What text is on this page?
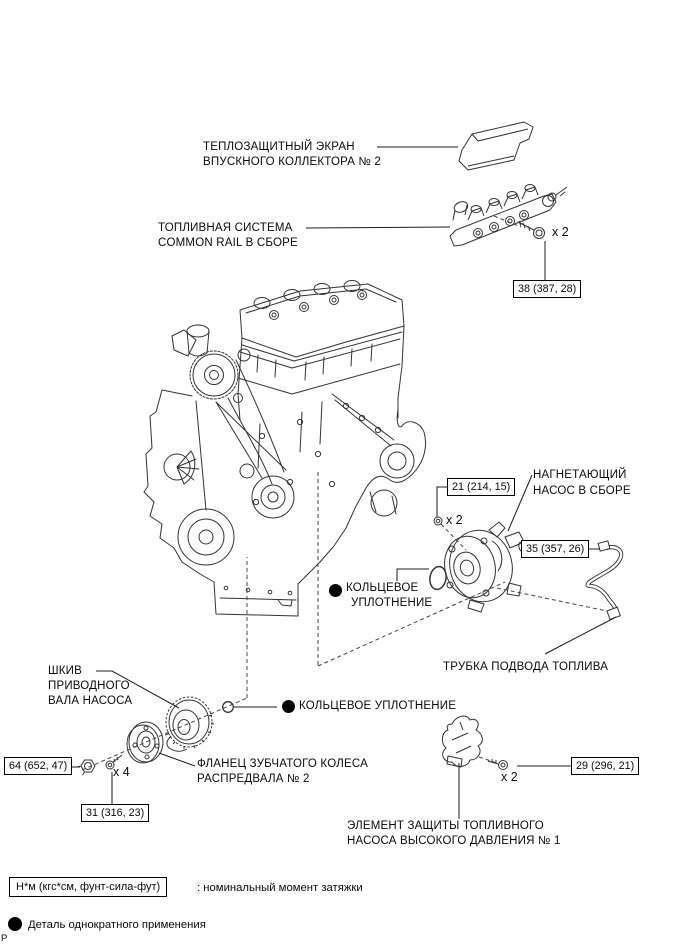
ТЕПЛОЗАЩИТНЫЙ ЭКРАН
ВПУСКНОГО КОЛЛЕКТОРА № 2
ТОПЛИВНАЯ СИСТЕМА
COMMON RAIL В СБОРЕ
38 (387, 28)
x 2
21 (214, 15)
x 2
НАГНЕТАЮЩИЙ
НАСОС В СБОРЕ
35 (357, 26)
КОЛЬЦЕВОЕ
УПЛОТНЕНИЕ
ТРУБКА ПОДВОДА ТОПЛИВА
ШКИВ
ПРИВОДНОГО
ВАЛА НАСОСА	КОЛЬЦЕВОЕ УПЛОТНЕНИЕ
64 (652, 47)	x 4
31 (316, 23)
ФЛАНЕЦ ЗУБЧАТОГО КОЛЕСА
РАСПРЕДВАЛА № 2	x 2
29 (296, 21)
ЭЛЕМЕНТ ЗАЩИТЫ ТОПЛИВНОГО
НАСОСА ВЫСОКОГО ДАВЛЕНИЯ № 1
Н*м (кгс*см, фунт-сила-фут)	: номинальный момент затяжки
Деталь однократного применения
Р
